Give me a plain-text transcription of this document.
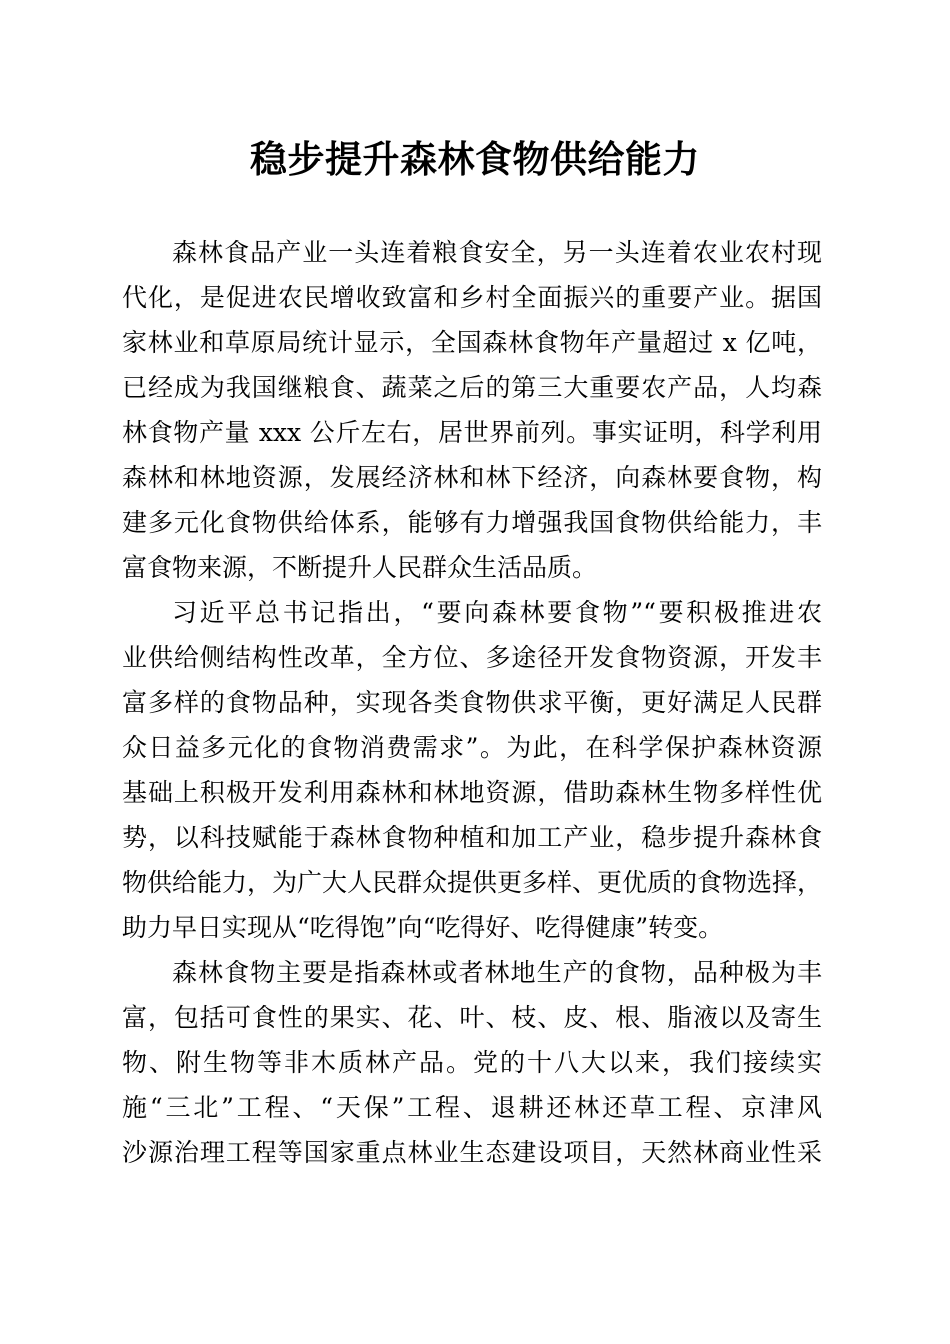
稳步提升森林食物供给能力

森林食品产业一头连着粮食安全，另一头连着农业农村现
代化，是促进农民增收致富和乡村全面振兴的重要产业。据国
家林业和草原局统计显示，全国森林食物年产量超过 x 亿吨，
已经成为我国继粮食、蔬菜之后的第三大重要农产品，人均森
林食物产量 xxx 公斤左右，居世界前列。事实证明，科学利用
森林和林地资源，发展经济林和林下经济，向森林要食物，构
建多元化食物供给体系，能够有力增强我国食物供给能力，丰
富食物来源，不断提升人民群众生活品质。

习近平总书记指出，“要向森林要食物”“要积极推进农
业供给侧结构性改革，全方位、多途径开发食物资源，开发丰
富多样的食物品种，实现各类食物供求平衡，更好满足人民群
众日益多元化的食物消费需求”。为此，在科学保护森林资源
基础上积极开发利用森林和林地资源，借助森林生物多样性优
势，以科技赋能于森林食物种植和加工产业，稳步提升森林食
物供给能力，为广大人民群众提供更多样、更优质的食物选择，
助力早日实现从“吃得饱”向“吃得好、吃得健康”转变。

森林食物主要是指森林或者林地生产的食物，品种极为丰
富，包括可食性的果实、花、叶、枝、皮、根、脂液以及寄生
物、附生物等非木质林产品。党的十八大以来，我们接续实
施“三北”工程、“天保”工程、退耕还林还草工程、京津风
沙源治理工程等国家重点林业生态建设项目，天然林商业性采
